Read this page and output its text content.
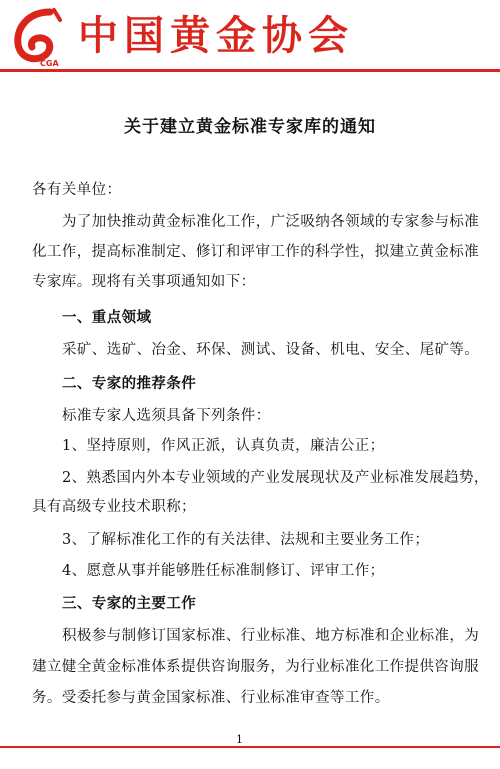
CGA
中国黄金协会
关于建立黄金标准专家库的通知
各有关单位：
为了加快推动黄金标准化工作，广泛吸纳各领域的专家参与标准
化工作，提高标准制定、修订和评审工作的科学性，拟建立黄金标准
专家库。现将有关事项通知如下：
一、重点领域
采矿、选矿、冶金、环保、测试、设备、机电、安全、尾矿等。
二、专家的推荐条件
标准专家人选须具备下列条件：
1、坚持原则，作风正派，认真负责，廉洁公正；
2、熟悉国内外本专业领域的产业发展现状及产业标准发展趋势，
具有高级专业技术职称；
3、了解标准化工作的有关法律、法规和主要业务工作；
4、愿意从事并能够胜任标准制修订、评审工作；
三、专家的主要工作
积极参与制修订国家标准、行业标准、地方标准和企业标准，为
建立健全黄金标准体系提供咨询服务，为行业标准化工作提供咨询服
务。受委托参与黄金国家标准、行业标准审查等工作。
1
